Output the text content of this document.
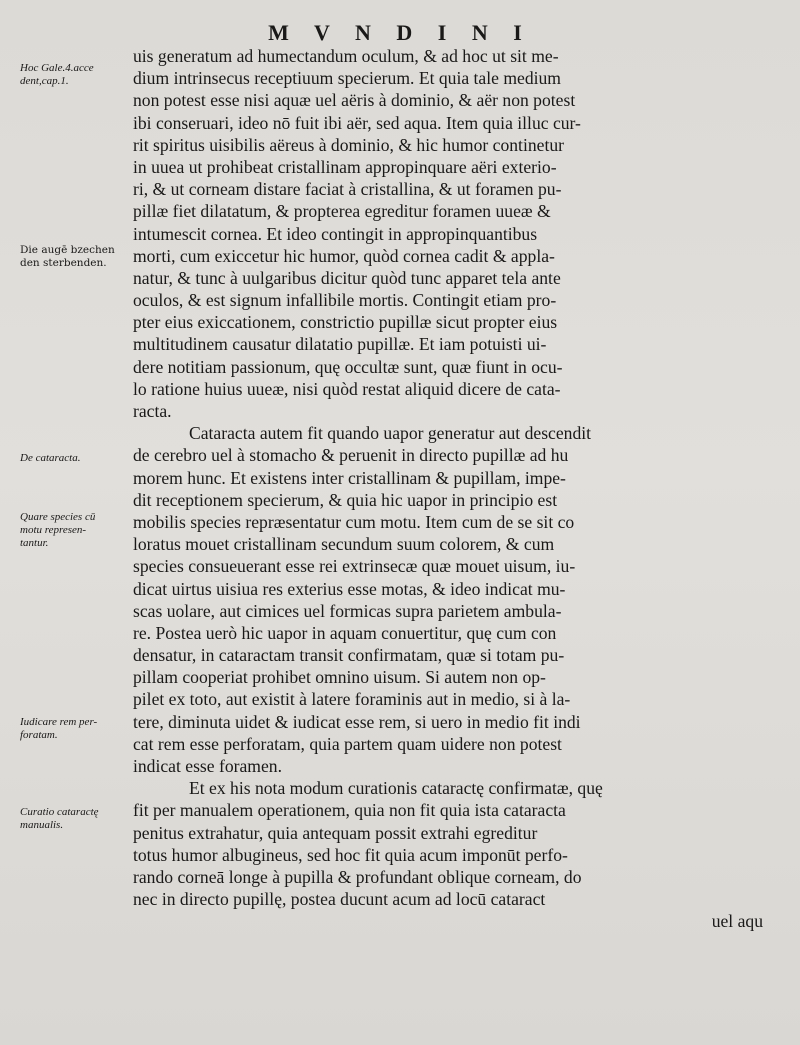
M V N D I N I
Hoc Gale.4.acce
dent,cap.1.
Die augē bzechen
den sterbenden.
De cataracta.
Quare species cū
motu represen-
tantur.
Iudicare rem per-
foratam.
Curatio cataractę
manualis.
uis generatum ad humectandum oculum, & ad hoc ut sit me-
dium intrinsecus receptiuum specierum. Et quia tale medium
non potest esse nisi aquæ uel aëris à dominio, & aër non potest
ibi conseruari, ideo nō fuit ibi aër, sed aqua. Item quia illuc cur-
rit spiritus uisibilis aëreus à dominio, & hic humor continetur
in uuea ut prohibeat cristallinam appropinquare aëri exterio-
ri, & ut corneam distare faciat à cristallina, & ut foramen pu-
pillæ fiet dilatatum, & propterea egreditur foramen uueæ &
intumescit cornea. Et ideo contingit in appropinquantibus
morti, cum exiccetur hic humor, quòd cornea cadit & appla-
natur, & tunc à uulgaribus dicitur quòd tunc apparet tela ante
oculos, & est signum infallibile mortis. Contingit etiam pro-
pter eius exiccationem, constrictio pupillæ sicut propter eius
multitudinem causatur dilatatio pupillæ. Et iam potuisti ui-
dere notitiam passionum, quę occultæ sunt, quæ fiunt in ocu-
lo ratione huius uueæ, nisi quòd restat aliquid dicere de cata-
racta.
Cataracta autem fit quando uapor generatur aut descendit
de cerebro uel à stomacho & peruenit in directo pupillæ ad hu
morem hunc. Et existens inter cristallinam & pupillam, impe-
dit receptionem specierum, & quia hic uapor in principio est
mobilis species repræsentatur cum motu. Item cum de se sit co
loratus mouet cristallinam secundum suum colorem, & cum
species consueuerant esse rei extrinsecæ quæ mouet uisum, iu-
dicat uirtus uisiua res exterius esse motas, & ideo indicat mu-
scas uolare, aut cimices uel formicas supra parietem ambula-
re. Postea uerò hic uapor in aquam conuertitur, quę cum con
densatur, in cataractam transit confirmatam, quæ si totam pu-
pillam cooperiat prohibet omnino uisum. Si autem non op-
pilet ex toto, aut existit à latere foraminis aut in medio, si à la-
tere, diminuta uidet & iudicat esse rem, si uero in medio fit indi
cat rem esse perforatam, quia partem quam uidere non potest
indicat esse foramen.
Et ex his nota modum curationis cataractę confirmatæ, quę
fit per manualem operationem, quia non fit quia ista cataracta
penitus extrahatur, quia antequam possit extrahi egreditur
totus humor albugineus, sed hoc fit quia acum imponūt perfo-
rando corneā longe à pupilla & profundant oblique corneam, do
nec in directo pupillę, postea ducunt acum ad locū cataract
uel aqu
